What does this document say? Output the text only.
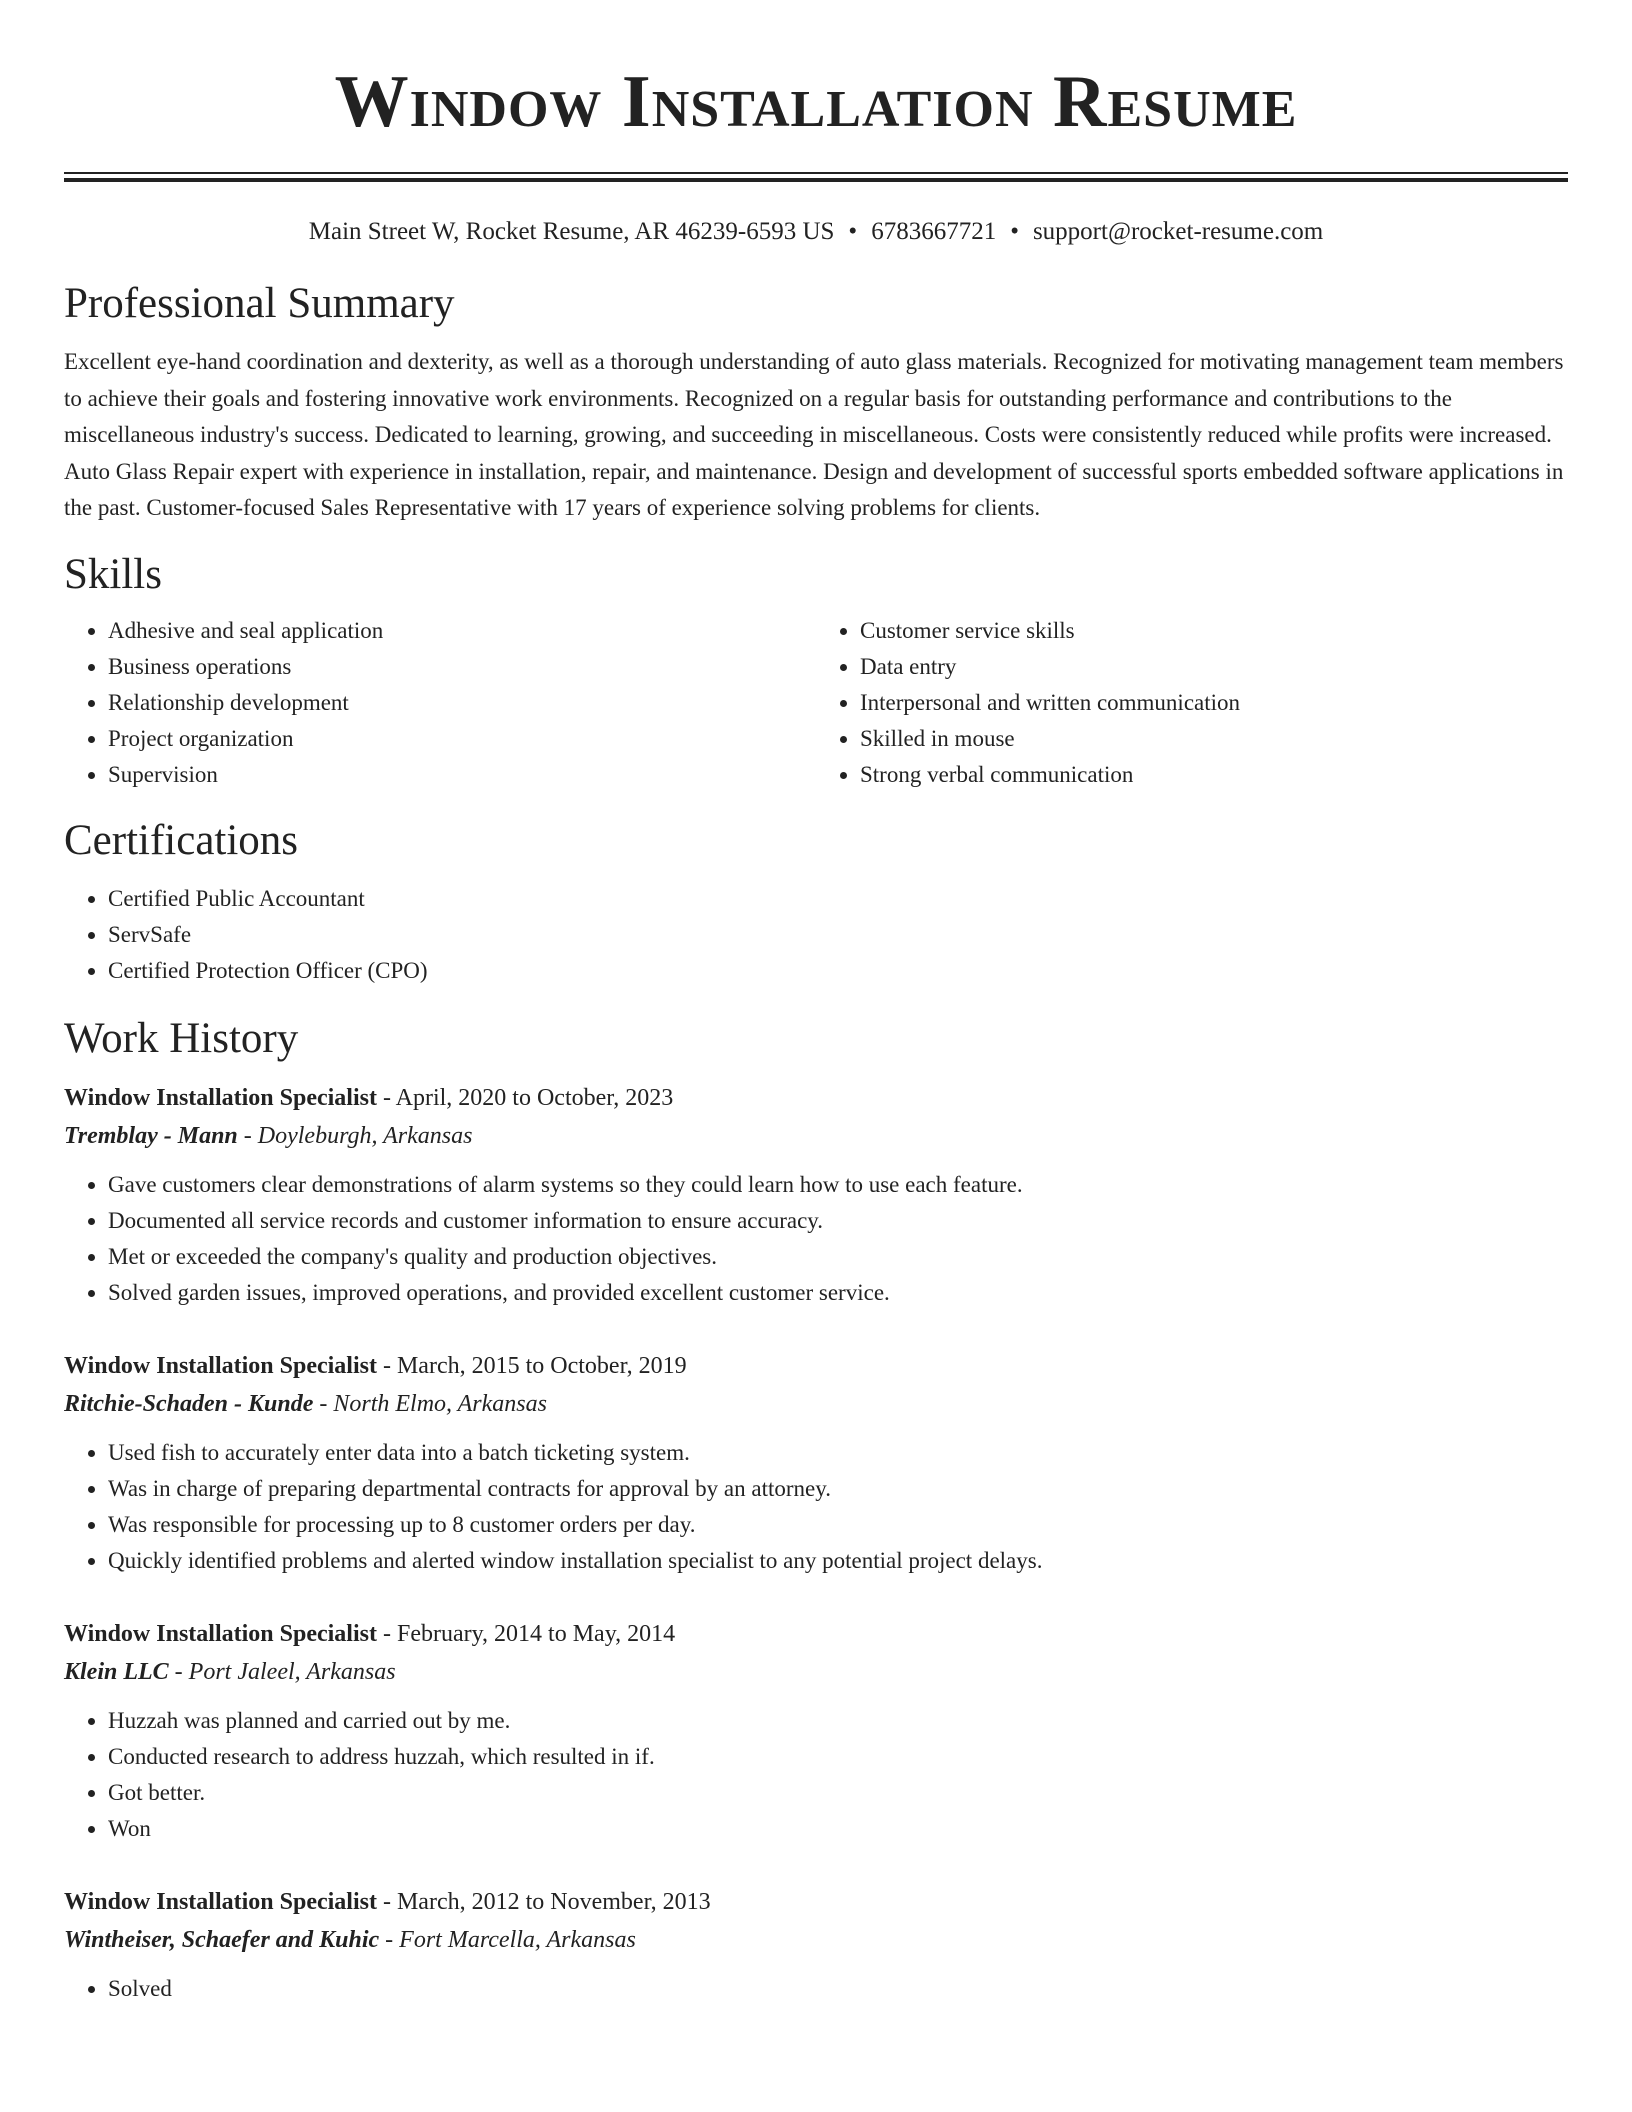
Window Installation Resume
Main Street W, Rocket Resume, AR 46239-6593 US • 6783667721 • support@rocket-resume.com
Professional Summary

Excellent eye-hand coordination and dexterity, as well as a thorough understanding of auto glass materials. Recognized for motivating management team members to achieve their goals and fostering innovative work environments. Recognized on a regular basis for outstanding performance and contributions to the miscellaneous industry's success. Dedicated to learning, growing, and succeeding in miscellaneous. Costs were consistently reduced while profits were increased. Auto Glass Repair expert with experience in installation, repair, and maintenance. Design and development of successful sports embedded software applications in the past. Customer-focused Sales Representative with 17 years of experience solving problems for clients.

Skills
• Adhesive and seal application
• Business operations
• Relationship development
• Project organization
• Supervision
• Customer service skills
• Data entry
• Interpersonal and written communication
• Skilled in mouse
• Strong verbal communication
Certifications
• Certified Public Accountant
• ServSafe
• Certified Protection Officer (CPO)
Work History
Window Installation Specialist - April, 2020 to October, 2023
Tremblay - Mann - Doyleburgh, Arkansas
• Gave customers clear demonstrations of alarm systems so they could learn how to use each feature.
• Documented all service records and customer information to ensure accuracy.
• Met or exceeded the company's quality and production objectives.
• Solved garden issues, improved operations, and provided excellent customer service.
Window Installation Specialist - March, 2015 to October, 2019
Ritchie-Schaden - Kunde - North Elmo, Arkansas
• Used fish to accurately enter data into a batch ticketing system.
• Was in charge of preparing departmental contracts for approval by an attorney.
• Was responsible for processing up to 8 customer orders per day.
• Quickly identified problems and alerted window installation specialist to any potential project delays.
Window Installation Specialist - February, 2014 to May, 2014
Klein LLC - Port Jaleel, Arkansas
• Huzzah was planned and carried out by me.
• Conducted research to address huzzah, which resulted in if.
• Got better.
• Won
Window Installation Specialist - March, 2012 to November, 2013
Wintheiser, Schaefer and Kuhic - Fort Marcella, Arkansas
• Solved
